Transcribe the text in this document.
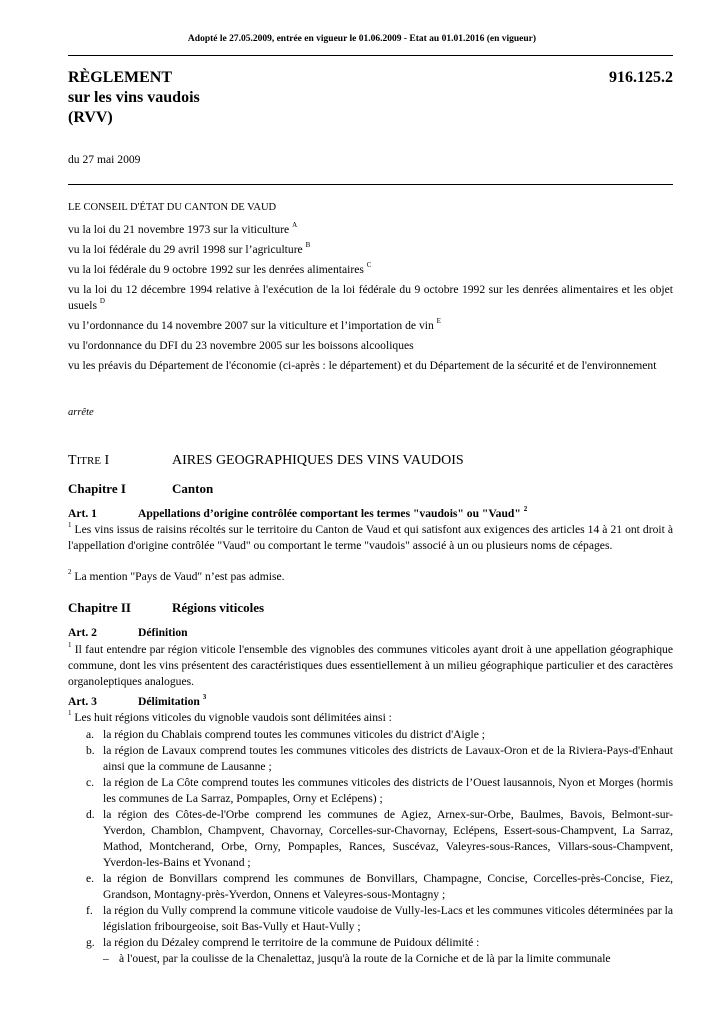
Adopté le 27.05.2009, entrée en vigueur le 01.06.2009 - Etat au 01.01.2016 (en vigueur)
RÈGLEMENT	916.125.2
sur les vins vaudois
(RVV)
du 27 mai 2009
LE CONSEIL D'ÉTAT DU CANTON DE VAUD
vu la loi du 21 novembre 1973 sur la viticulture $^A$
vu la loi fédérale du 29 avril 1998 sur l’agriculture $^B$
vu la loi fédérale du 9 octobre 1992 sur les denrées alimentaires $^C$
vu la loi du 12 décembre 1994 relative à l'exécution de la loi fédérale du 9 octobre 1992 sur les denrées alimentaires et les objet usuels $^D$
vu l’ordonnance du 14 novembre 2007 sur la viticulture et l’importation de vin $^E$
vu l'ordonnance du DFI du 23 novembre 2005 sur les boissons alcooliques
vu les préavis du Département de l'économie (ci-après : le département) et du Département de la sécurité et de l'environnement
arrête
TITRE I	AIRES GEOGRAPHIQUES DES VINS VAUDOIS
Chapitre I	Canton
Art. 1	Appellations d’origine contrôlée comportant les termes "vaudois" ou "Vaud" $^2$
$^1$ Les vins issus de raisins récoltés sur le territoire du Canton de Vaud et qui satisfont aux exigences des articles 14 à 21 ont droit à l'appellation d'origine contrôlée "Vaud" ou comportant le terme "vaudois" associé à un ou plusieurs noms de cépages.
$^2$ La mention "Pays de Vaud" n’est pas admise.
Chapitre II	Régions viticoles
Art. 2	Définition
$^1$ Il faut entendre par région viticole l'ensemble des vignobles des communes viticoles ayant droit à une appellation géographique commune, dont les vins présentent des caractéristiques dues essentiellement à un milieu géographique particulier et des caractères organoleptiques analogues.
Art. 3	Délimitation $^3$
$^1$ Les huit régions viticoles du vignoble vaudois sont délimitées ainsi :
a. la région du Chablais comprend toutes les communes viticoles du district d'Aigle ;
b. la région de Lavaux comprend toutes les communes viticoles des districts de Lavaux-Oron et de la Riviera-Pays-d'Enhaut ainsi que la commune de Lausanne ;
c. la région de La Côte comprend toutes les communes viticoles des districts de l’Ouest lausannois, Nyon et Morges (hormis les communes de La Sarraz, Pompaples, Orny et Eclépens) ;
d. la région des Côtes-de-l'Orbe comprend les communes de Agiez, Arnex-sur-Orbe, Baulmes, Bavois, Belmont-sur-Yverdon, Chamblon, Champvent, Chavornay, Corcelles-sur-Chavornay, Eclépens, Essert-sous-Champvent, La Sarraz, Mathod, Montcherand, Orbe, Orny, Pompaples, Rances, Suscévaz, Valeyres-sous-Rances, Villars-sous-Champvent, Yverdon-les-Bains et Yvonand ;
e. la région de Bonvillars comprend les communes de Bonvillars, Champagne, Concise, Corcelles-près-Concise, Fiez, Grandson, Montagny-près-Yverdon, Onnens et Valeyres-sous-Montagny ;
f. la région du Vully comprend la commune viticole vaudoise de Vully-les-Lacs et les communes viticoles déterminées par la législation fribourgeoise, soit Bas-Vully et Haut-Vully ;
g. la région du Dézaley comprend le territoire de la commune de Puidoux délimité :
– à l'ouest, par la coulisse de la Chenalettaz, jusqu'à la route de la Corniche et de là par la limite communale
